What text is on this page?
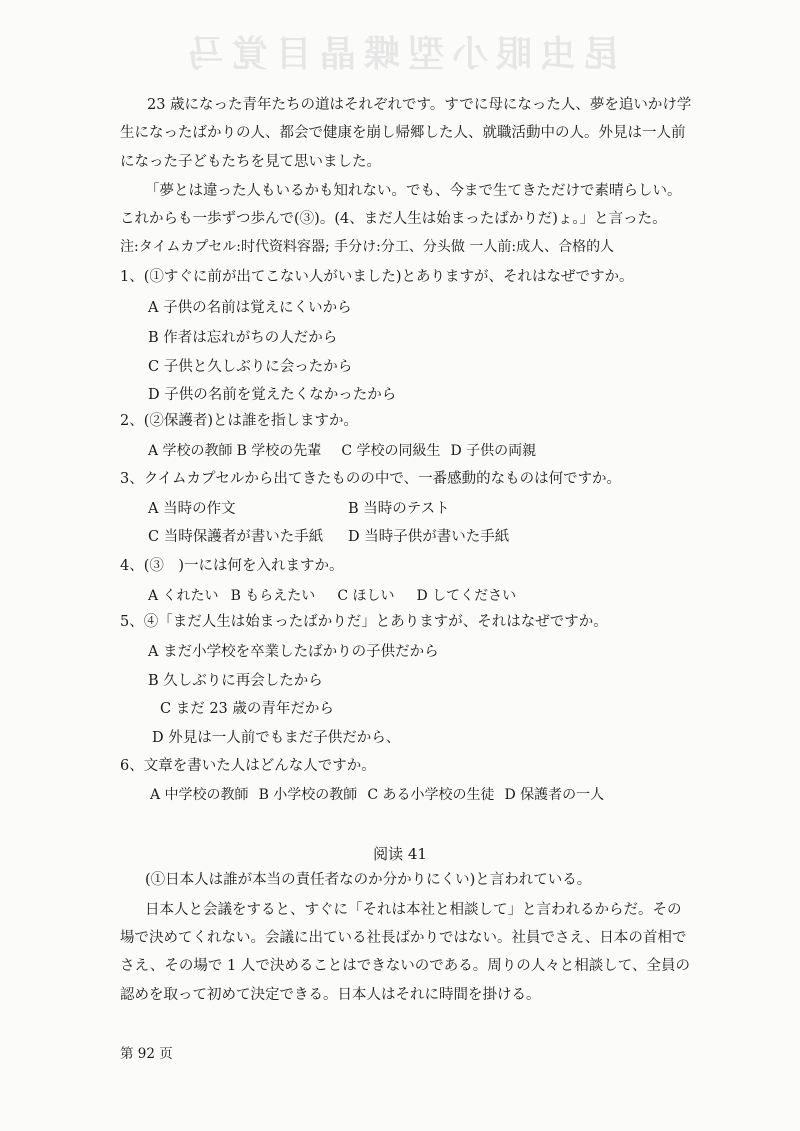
昆虫眼小型蝶晶目覚马
23 歳になった青年たちの道はそれぞれです。すでに母になった人、夢を追いかけ学
生になったばかりの人、都会で健康を崩し帰郷した人、就職活動中の人。外見は一人前
になった子どもたちを見て思いました。
「夢とは違った人もいるかも知れない。でも、今まで生てきただけで素晴らしい。
これからも一歩ずつ歩んで(③)。(4、まだ人生は始まったばかりだ)ょ。」と言った。
注:タイムカプセル:时代资料容器; 手分け:分工、分头做 一人前:成人、合格的人
1、(①すぐに前が出てこない人がいました)とありますが、それはなぜですか。
A 子供の名前は覚えにくいから
B 作者は忘れがちの人だから
C 子供と久しぶりに会ったから
D 子供の名前を覚えたくなかったから
2、(②保護者)とは誰を指しますか。
A 学校の教師 B 学校の先輩 C 学校の同級生 D 子供の両親
3、クイムカプセルから出てきたものの中で、一番感動的なものは何ですか。
A 当時の作文	B 当時のテスト
C 当時保護者が書いた手紙 D 当時子供が書いた手紙
4、(③　)一には何を入れますか。
A くれたい B もらえたい C ほしい D してください
5、④「まだ人生は始まったばかりだ」とありますが、それはなぜですか。
A まだ小学校を卒業したばかりの子供だから
B 久しぶりに再会したから
C まだ 23 歳の青年だから
D 外見は一人前でもまだ子供だから、
6、文章を書いた人はどんな人ですか。
A 中学校の教師 B 小学校の教師 C ある小学校の生徒 D 保護者の一人
阅读 41
(①日本人は誰が本当の責任者なのか分かりにくい)と言われている。
日本人と会議をすると、すぐに「それは本社と相談して」と言われるからだ。その
場で決めてくれない。会議に出ている社長ばかりではない。社員でさえ、日本の首相で
さえ、その場で 1 人で決めることはできないのである。周りの人々と相談して、全員の
認めを取って初めて決定できる。日本人はそれに時間を掛ける。
第 92 页
